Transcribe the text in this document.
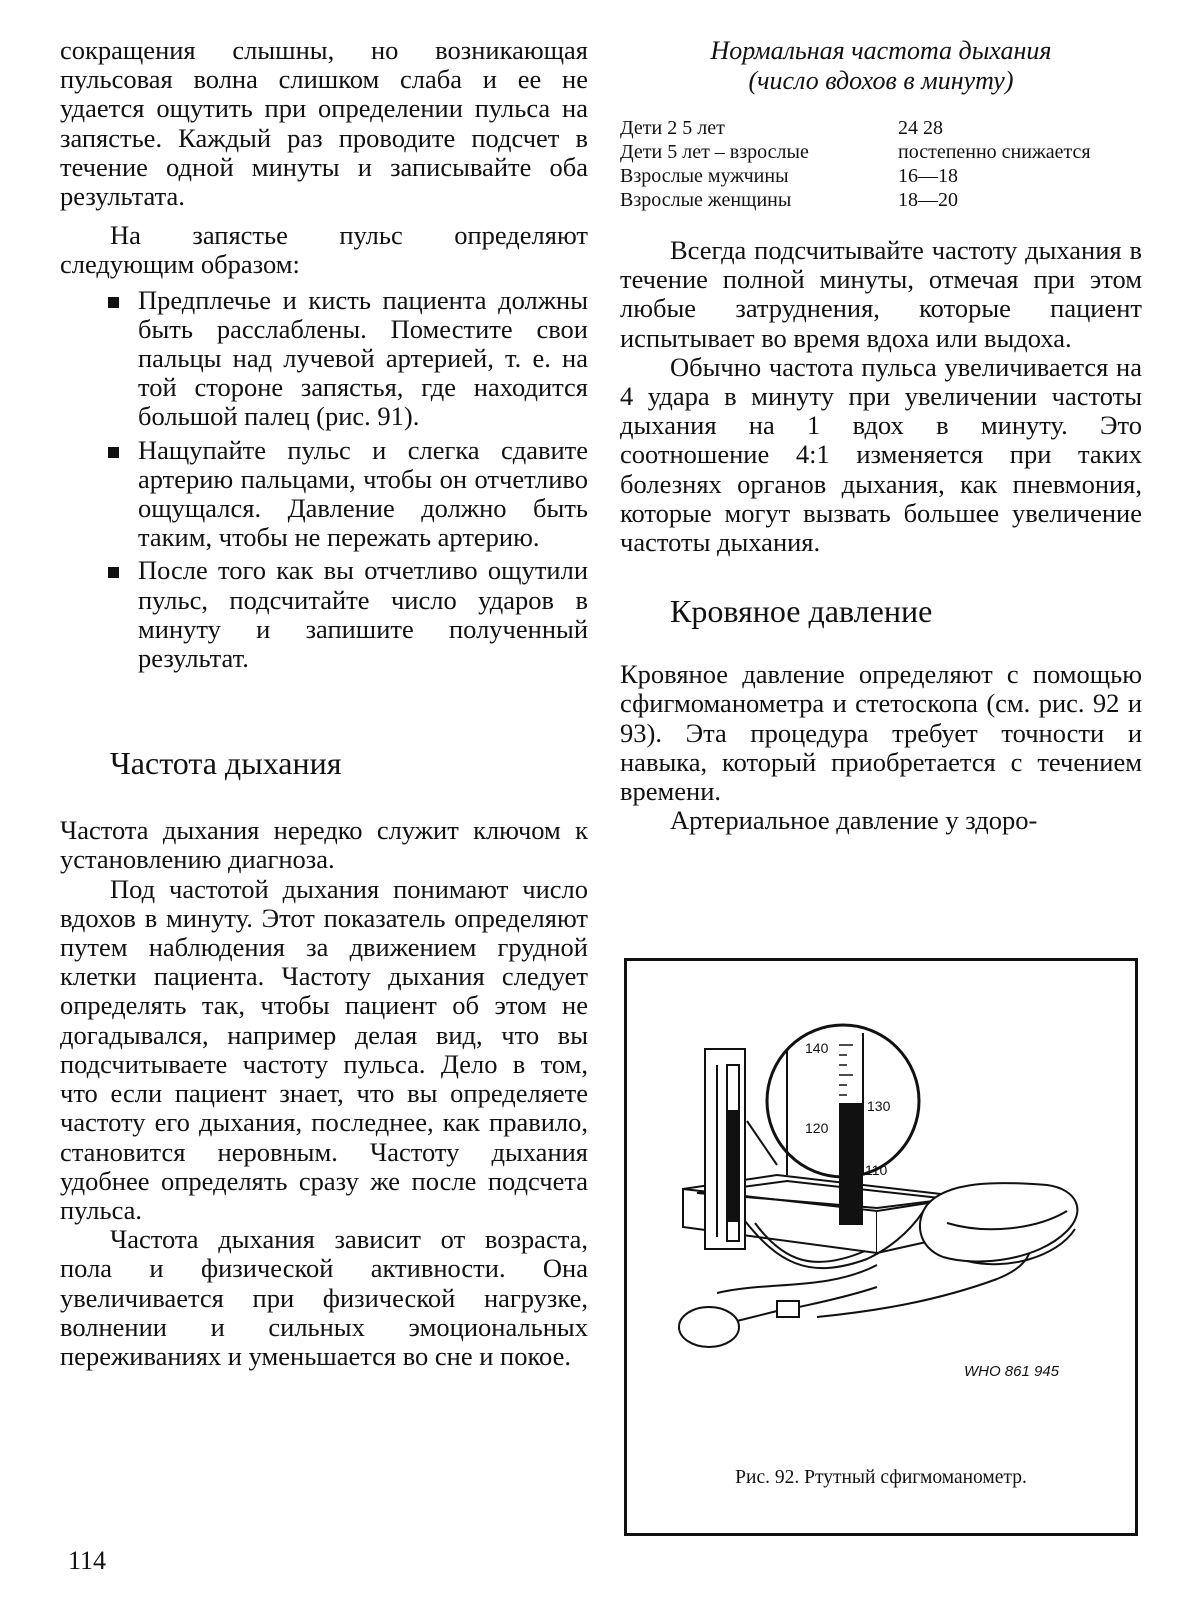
сокращения слышны, но возникающая пульсовая волна слишком слаба и ее не удается ощутить при определении пульса на запястье. Каждый раз проводите подсчет в течение одной минуты и записывайте оба результата.

На запястье пульс определяют следующим образом:

Предплечье и кисть пациента должны быть расслаблены. Поместите свои пальцы над лучевой артерией, т. е. на той стороне запястья, где находится большой палец (рис. 91).
Нащупайте пульс и слегка сдавите артерию пальцами, чтобы он отчетливо ощущался. Давление должно быть таким, чтобы не пережать артерию.
После того как вы отчетливо ощутили пульс, подсчитайте число ударов в минуту и запишите полученный результат.
Частота дыхания

Частота дыхания нередко служит ключом к установлению диагноза.

Под частотой дыхания понимают число вдохов в минуту. Этот показатель определяют путем наблюдения за движением грудной клетки пациента. Частоту дыхания следует определять так, чтобы пациент об этом не догадывался, например делая вид, что вы подсчитываете частоту пульса. Дело в том, что если пациент знает, что вы определяете частоту его дыхания, последнее, как правило, становится неровным. Частоту дыхания удобнее определять сразу же после подсчета пульса.

Частота дыхания зависит от возраста, пола и физической активности. Она увеличивается при физической нагрузке, волнении и сильных эмоциональных переживаниях и уменьшается во сне и покое.

Нормальная частота дыхания
(число вдохов в минуту)

Дети 2 5 лет	24 28
Дети 5 лет – взрослые	постепенно снижается
Взрослые мужчины	16—18
Взрослые женщины	18—20

Всегда подсчитывайте частоту дыхания в течение полной минуты, отмечая при этом любые затруднения, которые пациент испытывает во время вдоха или выдоха.

Обычно частота пульса увеличивается на 4 удара в минуту при увеличении частоты дыхания на 1 вдох в минуту. Это соотношение 4:1 изменяется при таких болезнях органов дыхания, как пневмония, которые могут вызвать большее увеличение частоты дыхания.

Кровяное давление

Кровяное давление определяют с помощью сфигмоманометра и стетоскопа (см. рис. 92 и 93). Эта процедура требует точности и навыка, который приобретается с течением времени.

Артериальное давление у здоро-

140
130
120
110
WHO 861 945
Рис. 92. Ртутный сфигмоманометр.
114
